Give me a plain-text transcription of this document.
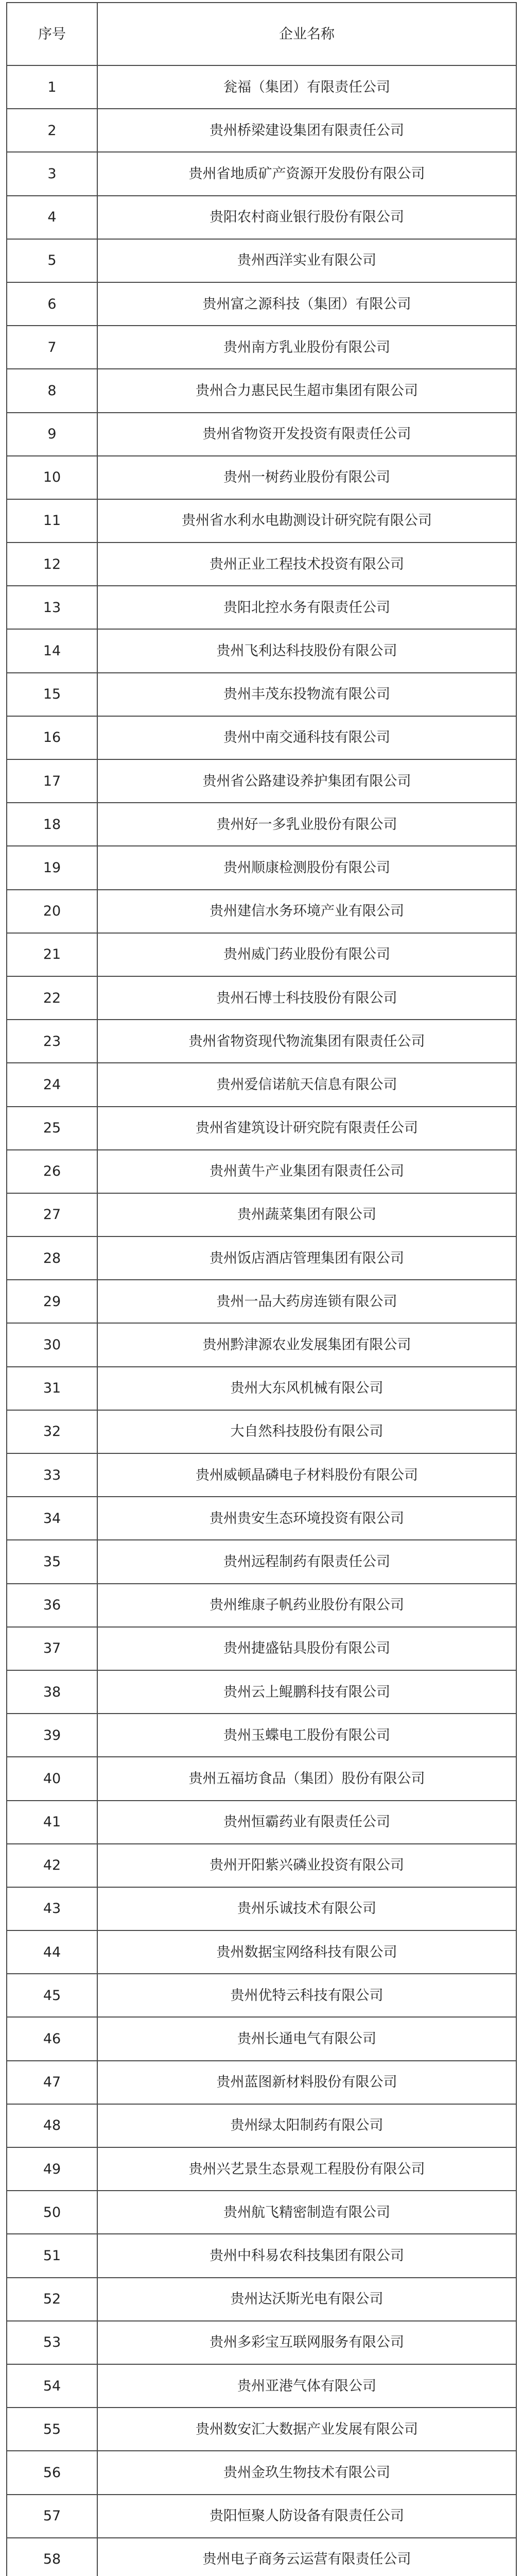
序号	企业名称
1	瓮福（集团）有限责任公司
2	贵州桥梁建设集团有限责任公司
3	贵州省地质矿产资源开发股份有限公司
4	贵阳农村商业银行股份有限公司
5	贵州西洋实业有限公司
6	贵州富之源科技（集团）有限公司
7	贵州南方乳业股份有限公司
8	贵州合力惠民民生超市集团有限公司
9	贵州省物资开发投资有限责任公司
10	贵州一树药业股份有限公司
11	贵州省水利水电勘测设计研究院有限公司
12	贵州正业工程技术投资有限公司
13	贵阳北控水务有限责任公司
14	贵州飞利达科技股份有限公司
15	贵州丰茂东投物流有限公司
16	贵州中南交通科技有限公司
17	贵州省公路建设养护集团有限公司
18	贵州好一多乳业股份有限公司
19	贵州顺康检测股份有限公司
20	贵州建信水务环境产业有限公司
21	贵州威门药业股份有限公司
22	贵州石博士科技股份有限公司
23	贵州省物资现代物流集团有限责任公司
24	贵州爱信诺航天信息有限公司
25	贵州省建筑设计研究院有限责任公司
26	贵州黄牛产业集团有限责任公司
27	贵州蔬菜集团有限公司
28	贵州饭店酒店管理集团有限公司
29	贵州一品大药房连锁有限公司
30	贵州黔津源农业发展集团有限公司
31	贵州大东风机械有限公司
32	大自然科技股份有限公司
33	贵州威顿晶磷电子材料股份有限公司
34	贵州贵安生态环境投资有限公司
35	贵州远程制药有限责任公司
36	贵州维康子帆药业股份有限公司
37	贵州捷盛钻具股份有限公司
38	贵州云上鲲鹏科技有限公司
39	贵州玉蝶电工股份有限公司
40	贵州五福坊食品（集团）股份有限公司
41	贵州恒霸药业有限责任公司
42	贵州开阳紫兴磷业投资有限公司
43	贵州乐诚技术有限公司
44	贵州数据宝网络科技有限公司
45	贵州优特云科技有限公司
46	贵州长通电气有限公司
47	贵州蓝图新材料股份有限公司
48	贵州绿太阳制药有限公司
49	贵州兴艺景生态景观工程股份有限公司
50	贵州航飞精密制造有限公司
51	贵州中科易农科技集团有限公司
52	贵州达沃斯光电有限公司
53	贵州多彩宝互联网服务有限公司
54	贵州亚港气体有限公司
55	贵州数安汇大数据产业发展有限公司
56	贵州金玖生物技术有限公司
57	贵阳恒聚人防设备有限责任公司
58	贵州电子商务云运营有限责任公司
